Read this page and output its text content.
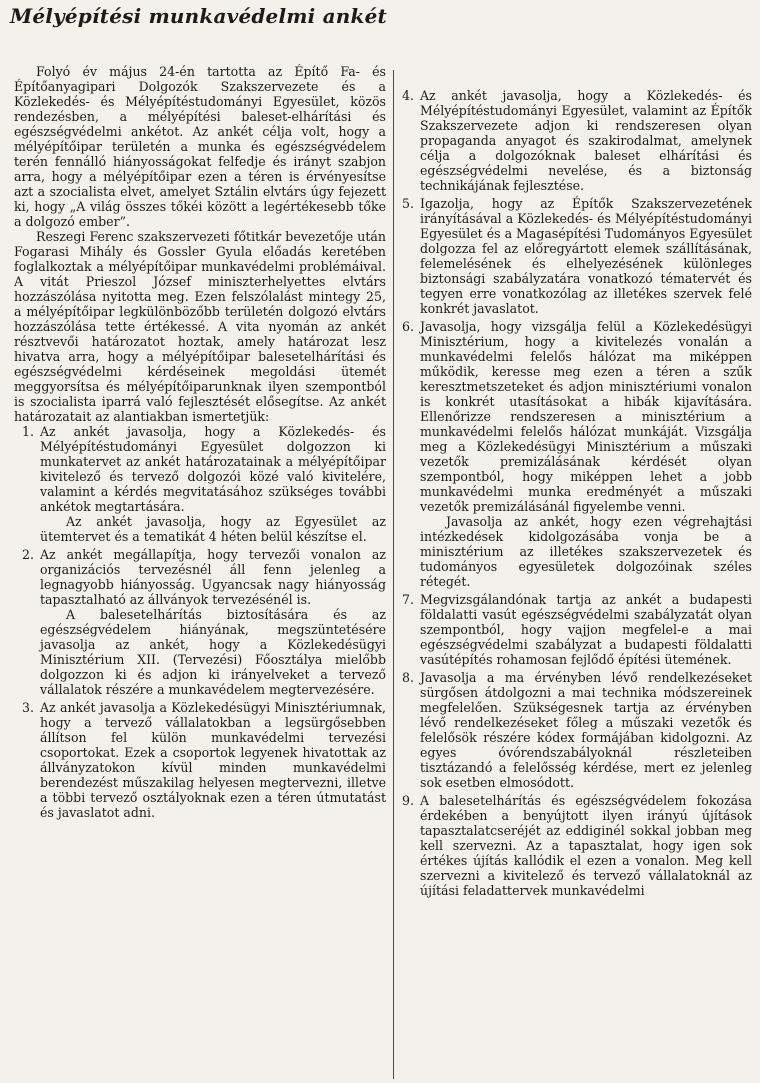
Mélyépítési munkavédelmi ankét

Folyó év május 24-én tartotta az Építő Fa- és Építőanyagipari Dolgozók Szakszervezete és a Közlekedés- és Mélyépítéstudományi Egyesület, közös rendezésben, a mélyépítési baleset-elhárítási és egészségvédelmi ankétot. Az ankét célja volt, hogy a mélyépítőipar területén a munka és egészségvédelem terén fennálló hiányosságokat felfedje és irányt szabjon arra, hogy a mélyépítőipar ezen a téren is érvényesítse azt a szocialista elvet, amelyet Sztálin elvtárs úgy fejezett ki, hogy „A világ összes tőkéi között a legértékesebb tőke a dolgozó ember”.

Reszegi Ferenc szakszervezeti főtitkár bevezetője után Fogarasi Mihály és Gossler Gyula előadás keretében foglalkoztak a mélyépítőipar munkavédelmi problémáival. A vitát Prieszol József miniszterhelyettes elvtárs hozzászólása nyitotta meg. Ezen felszólalást mintegy 25, a mélyépítőipar legkülönbözőbb területén dolgozó elvtárs hozzászólása tette értékessé. A vita nyomán az ankét résztvevői határozatot hoztak, amely határozat lesz hivatva arra, hogy a mélyépítőipar balesetelhárítási és egészségvédelmi kérdéseinek megoldási ütemét meggyorsítsa és mélyépítőiparunknak ilyen szempontból is szocialista iparrá való fejlesztését elősegítse. Az ankét határozatait az alantiakban ismertetjük:

1. Az ankét javasolja, hogy a Közlekedés- és Mélyépítéstudományi Egyesület dolgozzon ki munkatervet az ankét határozatainak a mélyépítőipar kivitelező és tervező dolgozói közé való kivitelére, valamint a kérdés megvitatásához szükséges további ankétok megtartására.

Az ankét javasolja, hogy az Egyesület az ütemtervet és a tematikát 4 héten belül készítse el.

2. Az ankét megállapítja, hogy tervezői vonalon az organizációs tervezésnél áll fenn jelenleg a legnagyobb hiányosság. Ugyancsak nagy hiányosság tapasztalható az állványok tervezésénél is.

A balesetelhárítás biztosítására és az egészségvédelem hiányának, megszüntetésére javasolja az ankét, hogy a Közlekedésügyi Minisztérium XII. (Tervezési) Főosztálya mielőbb dolgozzon ki és adjon ki irányelveket a tervező vállalatok részére a munkavédelem megtervezésére.

3. Az ankét javasolja a Közlekedésügyi Minisztériumnak, hogy a tervező vállalatokban a legsürgősebben állítson fel külön munkavédelmi tervezési csoportokat. Ezek a csoportok legyenek hivatottak az állványzatokon kívül minden munkavédelmi berendezést műszakilag helyesen megtervezni, illetve a többi tervező osztályoknak ezen a téren útmutatást és javaslatot adni.

4. Az ankét javasolja, hogy a Közlekedés- és Mélyépítéstudományi Egyesület, valamint az Építők Szakszervezete adjon ki rendszeresen olyan propaganda anyagot és szakirodalmat, amelynek célja a dolgozóknak baleset elhárítási és egészségvédelmi nevelése, és a biztonság technikájának fejlesztése.

5. Igazolja, hogy az Építők Szakszervezetének irányításával a Közlekedés- és Mélyépítéstudományi Egyesület és a Magasépítési Tudományos Egyesület dolgozza fel az előregyártott elemek szállításának, felemelésének és elhelyezésének különleges biztonsági szabályzatára vonatkozó tématervét és tegyen erre vonatkozólag az illetékes szervek felé konkrét javaslatot.

6. Javasolja, hogy vizsgálja felül a Közlekedésügyi Minisztérium, hogy a kivitelezés vonalán a munkavédelmi felelős hálózat ma miképpen működik, keresse meg ezen a téren a szűk keresztmetszeteket és adjon minisztériumi vonalon is konkrét utasításokat a hibák kijavítására. Ellenőrizze rendszeresen a minisztérium a munkavédelmi felelős hálózat munkáját. Vizsgálja meg a Közlekedésügyi Minisztérium a műszaki vezetők premizálásának kérdését olyan szempontból, hogy miképpen lehet a jobb munkavédelmi munka eredményét a műszaki vezetők premizálásánál figyelembe venni.

Javasolja az ankét, hogy ezen végrehajtási intézkedések kidolgozásába vonja be a minisztérium az illetékes szakszervezetek és tudományos egyesületek dolgozóinak széles rétegét.

7. Megvizsgálandónak tartja az ankét a budapesti földalatti vasút egészségvédelmi szabályzatát olyan szempontból, hogy vajjon megfelel-e a mai egészségvédelmi szabályzat a budapesti földalatti vasútépítés rohamosan fejlődő építési ütemének.

8. Javasolja a ma érvényben lévő rendelkezéseket sürgősen átdolgozni a mai technika módszereinek megfelelően. Szükségesnek tartja az érvényben lévő rendelkezéseket főleg a műszaki vezetők és felelősök részére kódex formájában kidolgozni. Az egyes óvórendszabályoknál részleteiben tisztázandó a felelősség kérdése, mert ez jelenleg sok esetben elmosódott.

9. A balesetelhárítás és egészségvédelem fokozása érdekében a benyújtott ilyen irányú újítások tapasztalatcseréjét az eddiginél sokkal jobban meg kell szervezni. Az a tapasztalat, hogy igen sok értékes újítás kallódik el ezen a vonalon. Meg kell szervezni a kivitelező és tervező vállalatoknál az újítási feladattervek munkavédelmi
